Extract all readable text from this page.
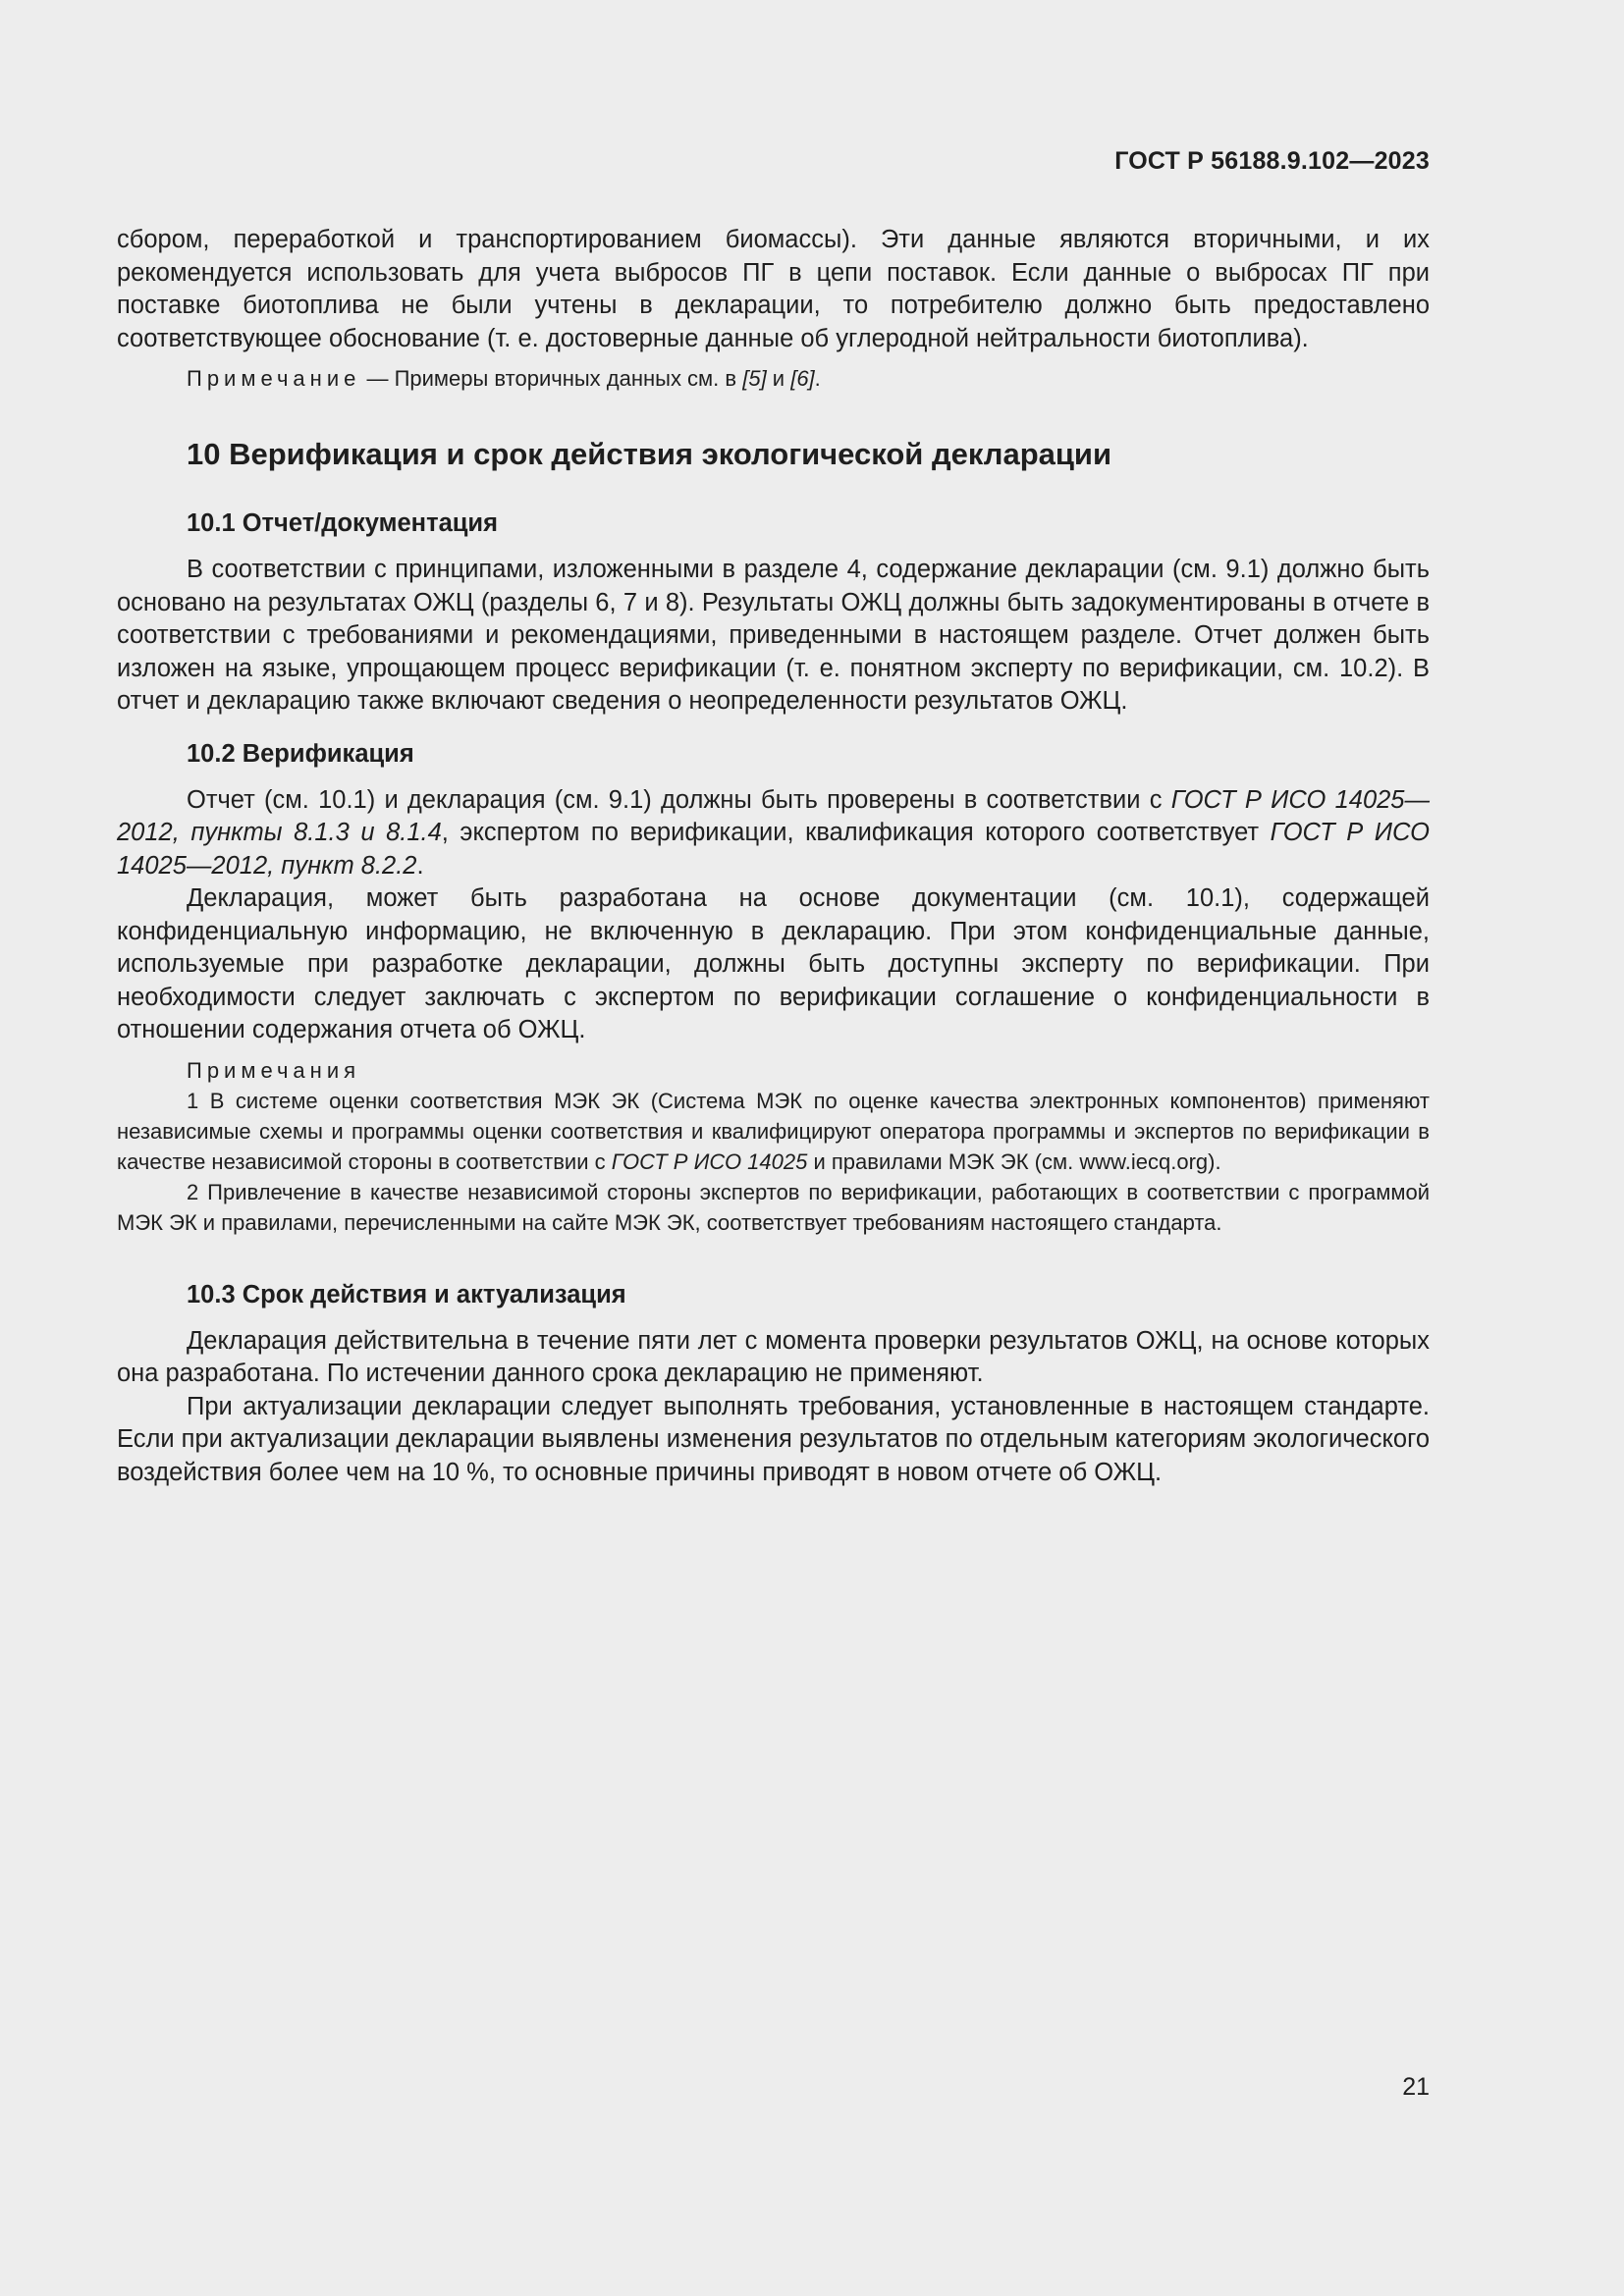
ГОСТ Р 56188.9.102—2023

сбором, переработкой и транспортированием биомассы). Эти данные являются вторичными, и их рекомендуется использовать для учета выбросов ПГ в цепи поставок. Если данные о выбросах ПГ при поставке биотоплива не были учтены в декларации, то потребителю должно быть предоставлено соответствующее обоснование (т. е. достоверные данные об углеродной нейтральности биотоплива).

Примечание — Примеры вторичных данных см. в [5] и [6].

10 Верификация и срок действия экологической декларации
10.1 Отчет/документация

В соответствии с принципами, изложенными в разделе 4, содержание декларации (см. 9.1) должно быть основано на результатах ОЖЦ (разделы 6, 7 и 8). Результаты ОЖЦ должны быть задокументированы в отчете в соответствии с требованиями и рекомендациями, приведенными в настоящем разделе. Отчет должен быть изложен на языке, упрощающем процесс верификации (т. е. понятном эксперту по верификации, см. 10.2). В отчет и декларацию также включают сведения о неопределенности результатов ОЖЦ.

10.2 Верификация

Отчет (см. 10.1) и декларация (см. 9.1) должны быть проверены в соответствии с ГОСТ Р ИСО 14025—2012, пункты 8.1.3 и 8.1.4, экспертом по верификации, квалификация которого соответствует ГОСТ Р ИСО 14025—2012, пункт 8.2.2.

Декларация, может быть разработана на основе документации (см. 10.1), содержащей конфиденциальную информацию, не включенную в декларацию. При этом конфиденциальные данные, используемые при разработке декларации, должны быть доступны эксперту по верификации. При необходимости следует заключать с экспертом по верификации соглашение о конфиденциальности в отношении содержания отчета об ОЖЦ.

Примечания

1 В системе оценки соответствия МЭК ЭК (Система МЭК по оценке качества электронных компонентов) применяют независимые схемы и программы оценки соответствия и квалифицируют оператора программы и экспертов по верификации в качестве независимой стороны в соответствии с ГОСТ Р ИСО 14025 и правилами МЭК ЭК (см. www.iecq.org).

2 Привлечение в качестве независимой стороны экспертов по верификации, работающих в соответствии с программой МЭК ЭК и правилами, перечисленными на сайте МЭК ЭК, соответствует требованиям настоящего стандарта.

10.3 Срок действия и актуализация

Декларация действительна в течение пяти лет с момента проверки результатов ОЖЦ, на основе которых она разработана. По истечении данного срока декларацию не применяют.

При актуализации декларации следует выполнять требования, установленные в настоящем стандарте. Если при актуализации декларации выявлены изменения результатов по отдельным категориям экологического воздействия более чем на 10 %, то основные причины приводят в новом отчете об ОЖЦ.

21
